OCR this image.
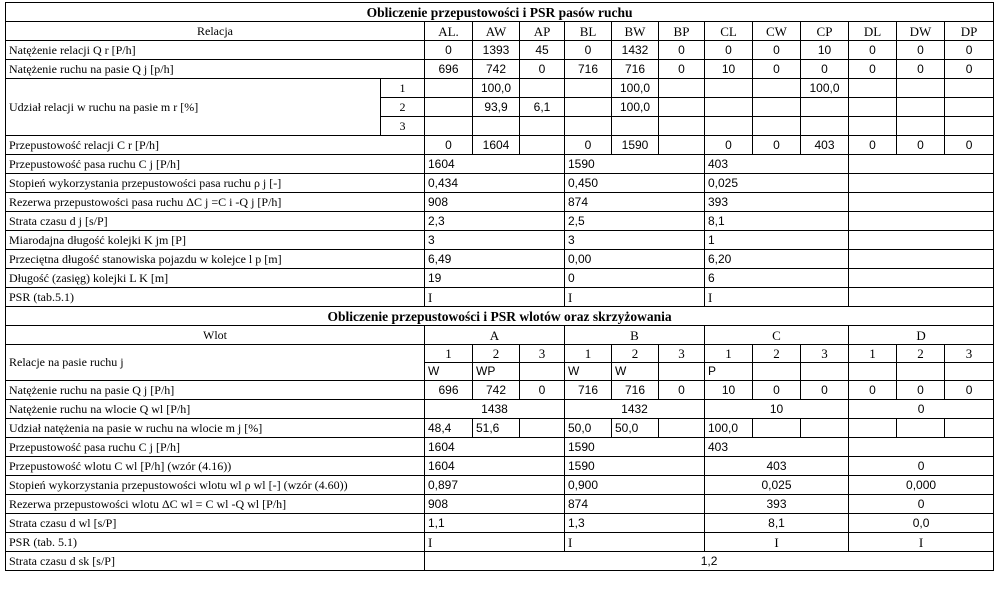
Obliczenie przepustowości i PSR pasów ruchu													
Relacja		AL.	AW	AP	BL	BW	BP	CL	CW	CP	DL	DW	DP
Natężenie relacji Q r [P/h]		0	1393	45	0	1432	0	0	0	10	0	0	0
Natężenie ruchu na pasie Q j [p/h]		696	742	0	716	716	0	10	0	0	0	0	0
Udział relacji w ruchu na pasie m r [%]	1		100,0			100,0				100,0			
	2		93,9	6,1		100,0							
	3												
Przepustowość relacji C r [P/h]		0	1604		0	1590		0	0	403	0	0	0
Przepustowość pasa ruchu C j [P/h]		1604			1590			403					
Stopień wykorzystania przepustowości pasa ruchu ρ j [-]		0,434			0,450			0,025					
Rezerwa przepustowości pasa ruchu ΔC j =C i -Q j [P/h]		908			874			393					
Strata czasu d j [s/P]		2,3			2,5			8,1					
Miarodajna długość kolejki K jm [P]		3			3			1					
Przeciętna długość stanowiska pojazdu w kolejce l p [m]		6,49			0,00			6,20					
Długość (zasięg) kolejki L K [m]		19			0			6					
PSR (tab.5.1)		I			I			I					
Obliczenie przepustowości i PSR wlotów oraz skrzyżowania													
Wlot		A			B			C			D		
Relacje na pasie ruchu j		1	2	3	1	2	3	1	2	3	1	2	3
		W	WP		W	W		P					
Natężenie ruchu na pasie Q j [P/h]		696	742	0	716	716	0	10	0	0	0	0	0
Natężenie ruchu na wlocie Q wl [P/h]		1438			1432			10			0		
Udział natężenia na pasie w ruchu na wlocie m j [%]		48,4	51,6		50,0	50,0		100,0					
Przepustowość pasa ruchu C j [P/h]		1604			1590			403					
Przepustowość wlotu C wl [P/h] (wzór (4.16))		1604			1590			403			0		
Stopień wykorzystania przepustowości wlotu wl ρ wl [-] (wzór (4.60))		0,897			0,900			0,025			0,000		
Rezerwa przepustowości wlotu ΔC wl = C wl -Q wl [P/h]		908			874			393			0		
Strata czasu d wl [s/P]		1,1			1,3			8,1			0,0		
PSR (tab. 5.1)		I			I			I			I		
Strata czasu d sk [s/P]		1,2											
